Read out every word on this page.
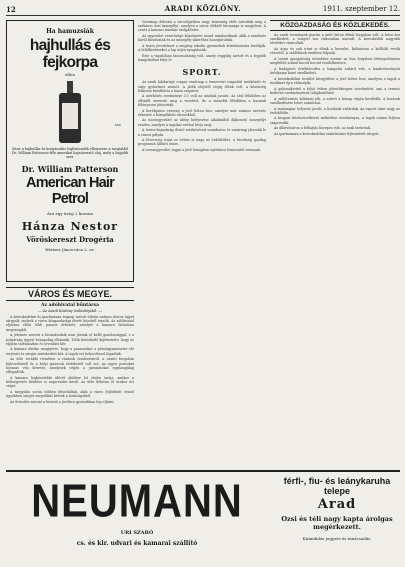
12	ARADI KÖZLÖNY.	1911. szeptember 12.
Ha hamuzsiák
hajhullás és fejkorpa
ellen
Mit!
Most a hajhullás és korpásodás legbiztosabb ellenszere a megtalált Dr. William Patterson-féle amerikai hajnövesztő olaj, mely a legjobb szer.
Dr. William Patterson
American Hair Petrol
Ára egy üveg 2 korona
Hánza Nestor
Vöröskereszt Drogéria
Weitzer János-utca 2. sz.
VÁROS ÉS MEGYE.
Az adóhivatal bűntársa
— Az Aradi Közlöny tudósítójától. —

A kereskedelmi és iparkamara tegnap tartott ülésén számos fontos ügyet tárgyalt, melyek a város közgazdasági életét közelről érintik. Az adóhivatal eljárása ellen több panasz érkezett, amelyet a kamara behatóan megvizsgált.

A jelentés szerint a hivatalnokok nem járnak el kellő gondossággal, s a polgárság ügyeit hónapokig elhúzzák. Több kereskedő kijelentette, hogy az eljárás tarthatatlan és orvoslást kér.

A kamara elnöke megígérte, hogy a panaszokat a pénzügyminiszter elé terjeszti és sürgős intézkedést kér. A tagok ezt helyesléssel fogadták.

Az ülés további részében a vásárok rendezéséről, a vasúti forgalom fejlesztéséről és a helyi iparosok érdekeiről volt szó. Az egyes pontokat hosszas vita követte, amelynek végén a javaslatokat egyhangúlag elfogadták.

A kamara legközelebbi ülését október hó elején tartja, amikor a költségvetés kérdése is napirendre kerül. Az ülés délután öt órakor ért véget.

A tárgyalás során többen felszólaltak, akik a város fejlődését érintő ügyekben sürgős megoldást kértek a hatóságoktól.

Az értesítés szerint a hivatal a jövőben gyorsabban fog eljárni.

Vasárnap délután a városligetben nagy közönség előtt tartották meg a szokásos őszi ünnepélyt, amelyen a város előkelő társasága is megjelent. A zenét a katonai zenekar szolgáltatta.

Az egyesület vezetősége köszönetet mond mindazoknak, akik a rendezés körül fáradoztak és az ünnepély sikeréhez hozzájárultak.

A tiszta jövedelmet a szegény iskolás gyermekek felruházására fordítják. A felülfizetéseket a lap utján nyugtázzák.

Este a vigadóban táncmulatság volt, amely reggelig tartott és a legjobb hangulatban folyt le.

SPORT.

Az aradi labdarúgó csapat vasárnap a temesvári csapattal mérkőzött és szép győzelmet aratott. A játék elejétől végig élénk volt, a közönség lelkesen buzdította a hazai csapatot.

A mérkőzés eredménye 3:1 volt az aradiak javára. Az első félidőben az ellenfél szerezte meg a vezetést, de a második félidőben a hazaiak fölényesen játszottak.

A kerékpáros verseny a jövő héten lesz, amelyre már számos nevezés érkezett a környékbeli városokból.

Az úszóegyesület az idény befejezése alkalmából díjkiosztó ünnepélyt rendez, amelyre a tagokat ezúton hívja meg.

A tenisz-bajnokság döntő mérkőzéseit szombaton és vasárnap játsszák le a városi pályán.

A lóverseny iránt ez évben is nagy az érdeklődés, a bizottság gazdag programot állított össze.

A tornaegyesület tagjai a jövő hónapban nyilvános bemutatót tartanak.

KÖZGAZDASÁG ÉS KÖZLEKEDÉS.

Az aradi termények piacán a múlt héten élénk forgalom volt. A búza ára emelkedett, a tengeri ára változatlan maradt. A kereskedők nagyobb tételeket vásároltak.

Az árpa és zab iránt is élénk a kereslet, különösen a külföldi vevők részéről. A szállítások rendben folynak.

A vasúti igazgatóság értesítése szerint az őszi forgalom lebonyolítására megfelelő számú kocsit bocsát rendelkezésre.

A budapesti értéktőzsdén a hangulat szilárd volt, a bankrészvények árfolyama kissé emelkedett.

A kereskedelmi testület közgyűlése a jövő héten lesz, amelyen a tagok a tisztikart újra választják.

A gabonakivitel a folyó évben jelentékenyen növekedett, ami a termés kedvező eredményének tulajdonítható.

A szőlőtermés kilátásai jók, a szüret a hónap végén kezdődik. A borárak emelkedésére lehet számítani.

A malomipar helyzete javult, a lisztárak szilárdak. Az export iránt nagy az érdeklődés.

A kisipari hitelszövetkezet működése eredményes, a tagok száma folyton szaporodik.

Az állatvásáron a felhajtás közepes volt, az árak tartottak.

Az iparkamara a kereskedelmi szakoktatás fejlesztését sürgeti.

NEUMANN
URI SZABÓ
cs. és kir. udvari és kamarai szállító
férfi-, fiu- és leánykaruha telepe
Arad
Ozsi és téli nagy kapta árolgas megérkezett.
Kirándulás jegyzés és tanácsadás.
